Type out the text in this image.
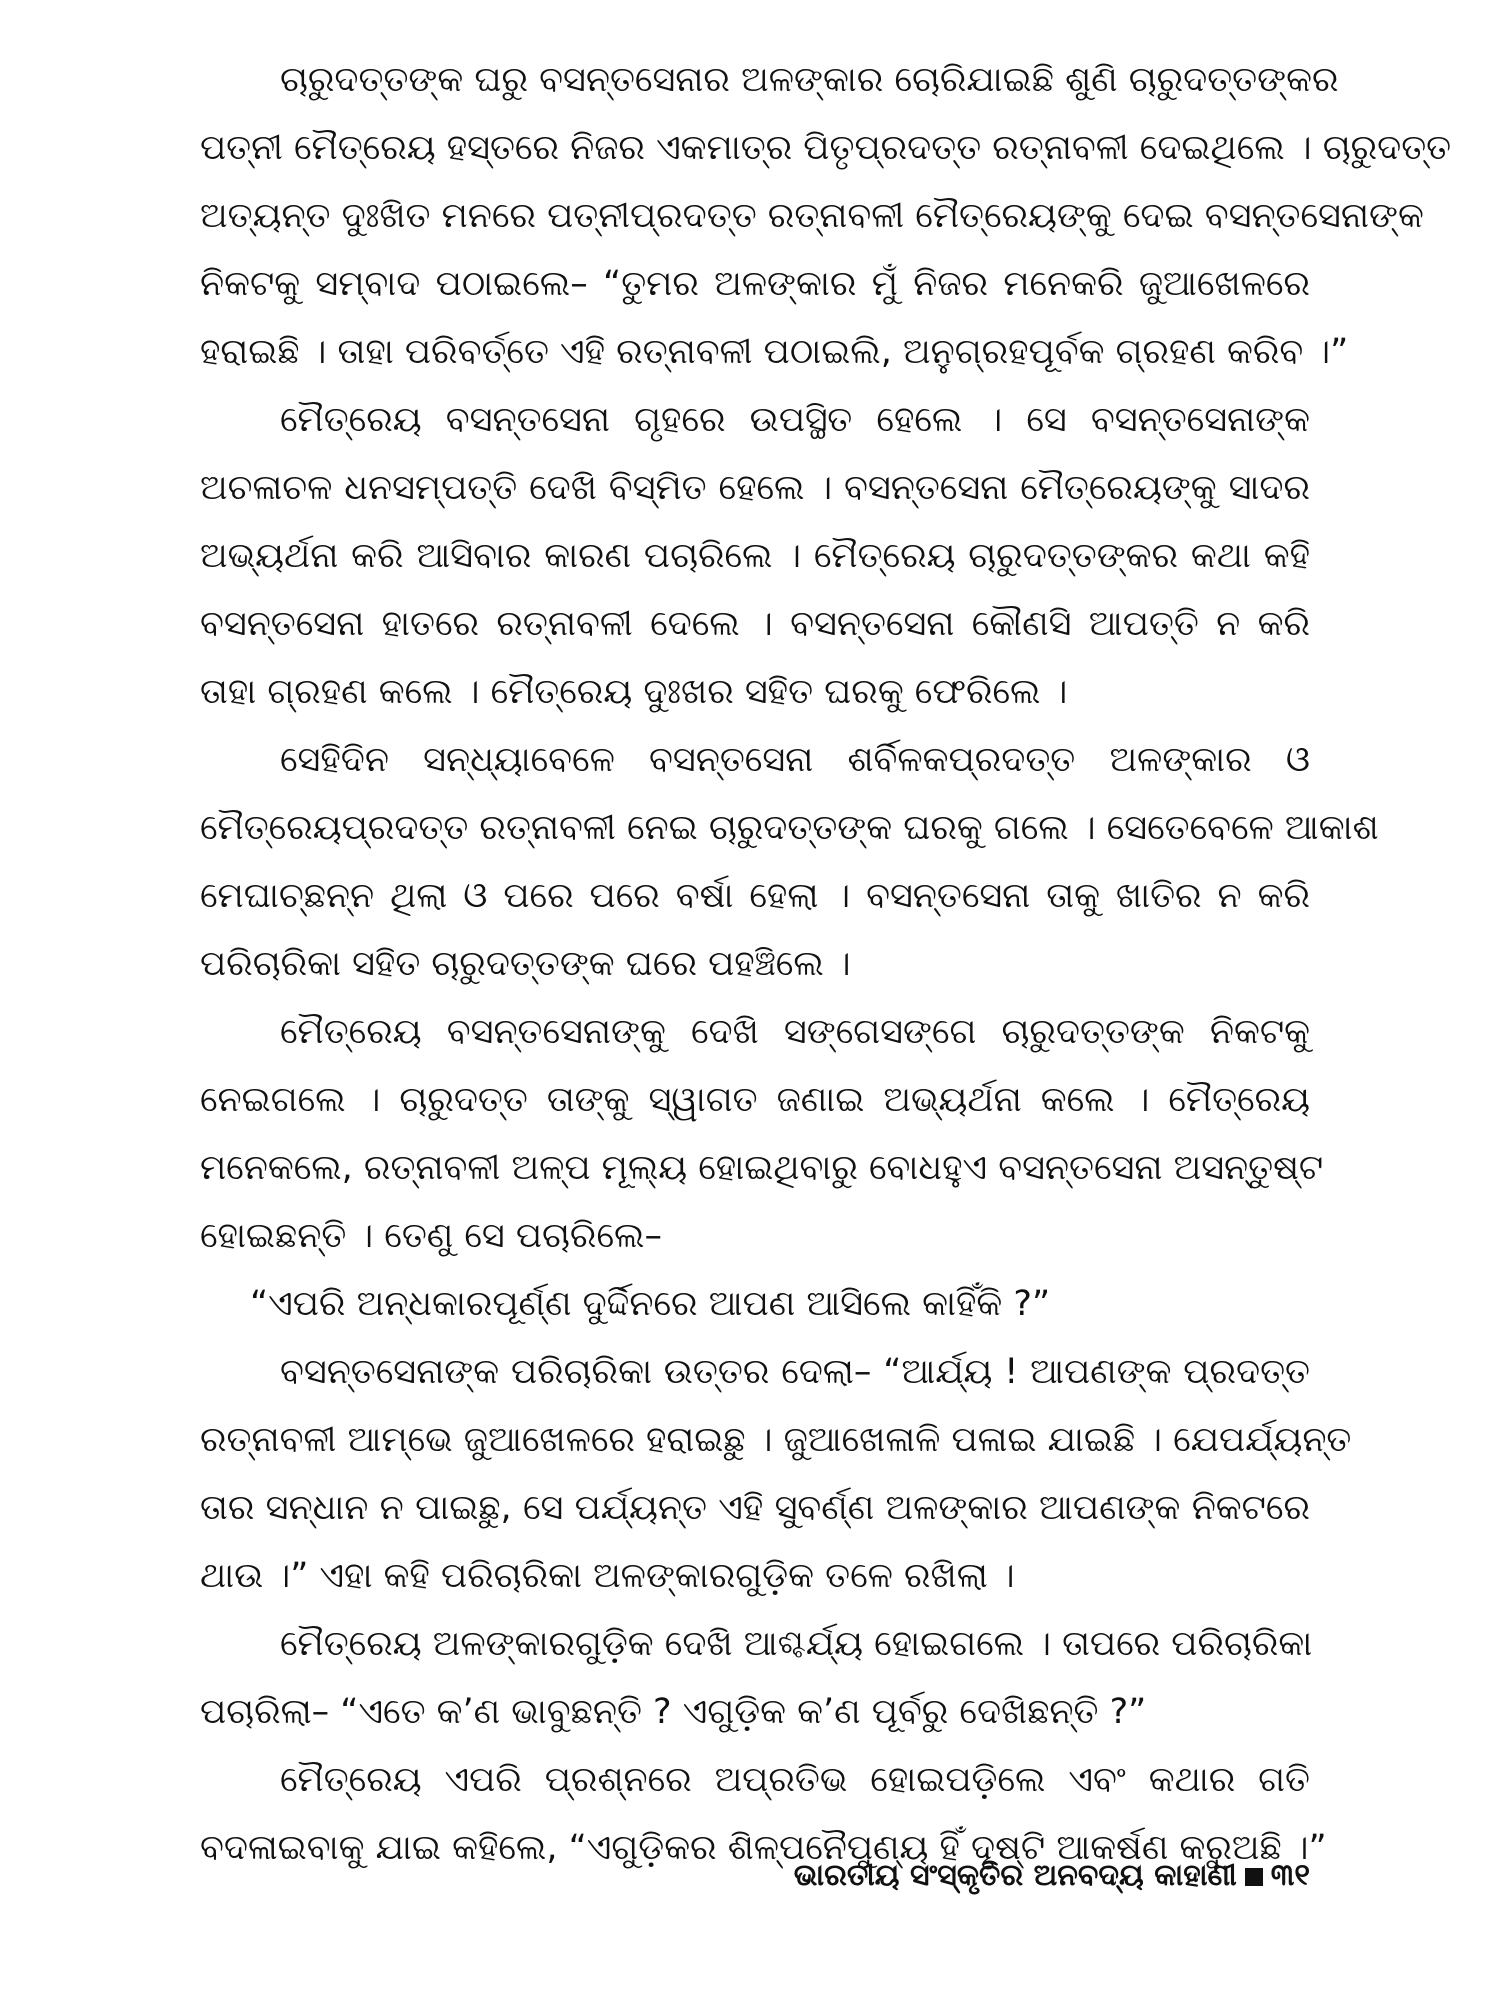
ଚାରୁଦତ୍ତଙ୍କ ଘରୁ ବସନ୍ତସେନାର ଅଳଙ୍କାର ଚୋରିଯାଇଛି ଶୁଣି ଚାରୁଦତ୍ତଙ୍କର
ପତ୍ନୀ ମୈତ୍ରେୟ ହସ୍ତରେ ନିଜର ଏକମାତ୍ର ପିତୃପ୍ରଦତ୍ତ ରତ୍ନାବଳୀ ଦେଇଥିଲେ । ଚାରୁଦତ୍ତ
ଅତ୍ୟନ୍ତ ଦୁଃଖିତ ମନରେ ପତ୍ନୀପ୍ରଦତ୍ତ ରତ୍ନାବଳୀ ମୈତ୍ରେୟଙ୍କୁ ଦେଇ ବସନ୍ତସେନାଙ୍କ
ନିକଟକୁ ସମ୍ବାଦ ପଠାଇଲେ– “ତୁମର ଅଳଙ୍କାର ମୁଁ ନିଜର ମନେକରି ଜୁଆଖେଳରେ
ହରାଇଛି । ତାହା ପରିବର୍ତ୍ତେ ଏହି ରତ୍ନାବଳୀ ପଠାଇଲି, ଅନୁଗ୍ରହପୂର୍ବକ ଗ୍ରହଣ କରିବ ।”
ମୈତ୍ରେୟ ବସନ୍ତସେନା ଗୃହରେ ଉପସ୍ଥିତ ହେଲେ । ସେ ବସନ୍ତସେନାଙ୍କ
ଅଚଳାଚଳ ଧନସମ୍ପତ୍ତି ଦେଖି ବିସ୍ମିତ ହେଲେ । ବସନ୍ତସେନା ମୈତ୍ରେୟଙ୍କୁ ସାଦର
ଅଭ୍ୟର୍ଥନା କରି ଆସିବାର କାରଣ ପଚାରିଲେ । ମୈତ୍ରେୟ ଚାରୁଦତ୍ତଙ୍କର କଥା କହି
ବସନ୍ତସେନା ହାତରେ ରତ୍ନାବଳୀ ଦେଲେ । ବସନ୍ତସେନା କୌଣସି ଆପତ୍ତି ନ କରି
ତାହା ଗ୍ରହଣ କଲେ । ମୈତ୍ରେୟ ଦୁଃଖର ସହିତ ଘରକୁ ଫେରିଲେ ।
ସେହିଦିନ ସନ୍ଧ୍ୟାବେଳେ ବସନ୍ତସେନା ଶର୍ବିଳକପ୍ରଦତ୍ତ ଅଳଙ୍କାର ଓ
ମୈତ୍ରେୟପ୍ରଦତ୍ତ ରତ୍ନାବଳୀ ନେଇ ଚାରୁଦତ୍ତଙ୍କ ଘରକୁ ଗଲେ । ସେତେବେଳେ ଆକାଶ
ମେଘାଚ୍ଛନ୍ନ ଥିଲା ଓ ପରେ ପରେ ବର୍ଷା ହେଲା । ବସନ୍ତସେନା ତାକୁ ଖାତିର ନ କରି
ପରିଚାରିକା ସହିତ ଚାରୁଦତ୍ତଙ୍କ ଘରେ ପହଞ୍ଚିଲେ ।
ମୈତ୍ରେୟ ବସନ୍ତସେନାଙ୍କୁ ଦେଖି ସଙ୍ଗେସଙ୍ଗେ ଚାରୁଦତ୍ତଙ୍କ ନିକଟକୁ
ନେଇଗଲେ । ଚାରୁଦତ୍ତ ତାଙ୍କୁ ସ୍ୱାଗତ ଜଣାଇ ଅଭ୍ୟର୍ଥନା କଲେ । ମୈତ୍ରେୟ
ମନେକଲେ, ରତ୍ନାବଳୀ ଅଳ୍ପ ମୂଲ୍ୟ ହୋଇଥିବାରୁ ବୋଧହୁଏ ବସନ୍ତସେନା ଅସନ୍ତୁଷ୍ଟ
ହୋଇଛନ୍ତି । ତେଣୁ ସେ ପଚାରିଲେ–
“ଏପରି ଅନ୍ଧକାରପୂର୍ଣ୍ଣ ଦୁର୍ଦ୍ଦିନରେ ଆପଣ ଆସିଲେ କାହିଁକି ?”
ବସନ୍ତସେନାଙ୍କ ପରିଚାରିକା ଉତ୍ତର ଦେଲା– “ଆର୍ଯ୍ୟ ! ଆପଣଙ୍କ ପ୍ରଦତ୍ତ
ରତ୍ନାବଳୀ ଆମ୍ଭେ ଜୁଆଖେଳରେ ହରାଇଛୁ । ଜୁଆଖେଳାଳି ପଳାଇ ଯାଇଛି । ଯେପର୍ଯ୍ୟନ୍ତ
ତାର ସନ୍ଧାନ ନ ପାଇଛୁ, ସେ ପର୍ଯ୍ୟନ୍ତ ଏହି ସୁବର୍ଣ୍ଣ ଅଳଙ୍କାର ଆପଣଙ୍କ ନିକଟରେ
ଥାଉ ।” ଏହା କହି ପରିଚାରିକା ଅଳଙ୍କାରଗୁଡ଼ିକ ତଳେ ରଖିଲା ।
ମୈତ୍ରେୟ ଅଳଙ୍କାରଗୁଡ଼ିକ ଦେଖି ଆଶ୍ଚର୍ଯ୍ୟ ହୋଇଗଲେ । ତାପରେ ପରିଚାରିକା
ପଚାରିଲା– “ଏତେ କ’ଣ ଭାବୁଛନ୍ତି ? ଏଗୁଡ଼ିକ କ’ଣ ପୂର୍ବରୁ ଦେଖିଛନ୍ତି ?”
ମୈତ୍ରେୟ ଏପରି ପ୍ରଶ୍ନରେ ଅପ୍ରତିଭ ହୋଇପଡ଼ିଲେ ଏବଂ କଥାର ଗତି
ବଦଳାଇବାକୁ ଯାଇ କହିଲେ, “ଏଗୁଡ଼ିକର ଶିଳ୍ପନୈପୁଣ୍ୟ ହିଁ ଦୃଷ୍ଟି ଆକର୍ଷଣ କରୁଅଛି ।”
ଭାରତୀୟ ସଂସ୍କୃତିର ଅନବଦ୍ୟ କାହାଣୀ ୩୧
